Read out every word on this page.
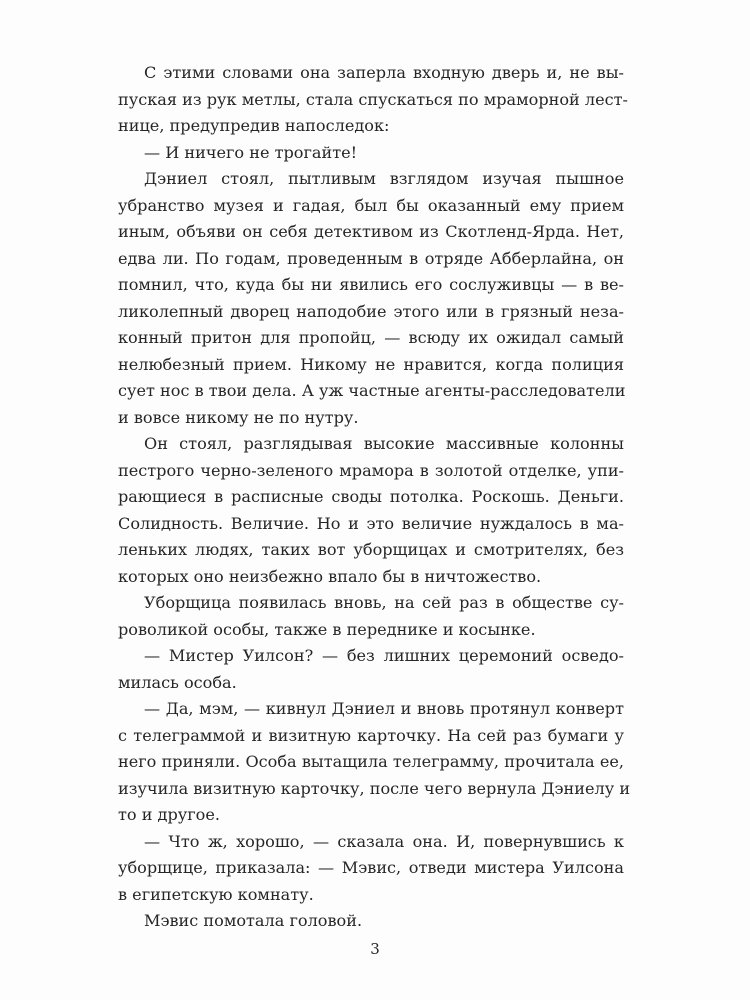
С этими словами она заперла входную дверь и, не вы-
пуская из рук метлы, стала спускаться по мраморной лест-
нице, предупредив напоследок:
— И ничего не трогайте!
Дэниел стоял, пытливым взглядом изучая пышное
убранство музея и гадая, был бы оказанный ему прием
иным, объяви он себя детективом из Скотленд-Ярда. Нет,
едва ли. По годам, проведенным в отряде Абберлайна, он
помнил, что, куда бы ни явились его сослуживцы — в ве-
ликолепный дворец наподобие этого или в грязный неза-
конный притон для пропойц, — всюду их ожидал самый
нелюбезный прием. Никому не нравится, когда полиция
сует нос в твои дела. А уж частные агенты-расследователи
и вовсе никому не по нутру.
Он стоял, разглядывая высокие массивные колонны
пестрого черно-зеленого мрамора в золотой отделке, упи-
рающиеся в расписные своды потолка. Роскошь. Деньги.
Солидность. Величие. Но и это величие нуждалось в ма-
леньких людях, таких вот уборщицах и смотрителях, без
которых оно неизбежно впало бы в ничтожество.
Уборщица появилась вновь, на сей раз в обществе су-
роволикой особы, также в переднике и косынке.
— Мистер Уилсон? — без лишних церемоний осведо-
милась особа.
— Да, мэм, — кивнул Дэниел и вновь протянул конверт
с телеграммой и визитную карточку. На сей раз бумаги у
него приняли. Особа вытащила телеграмму, прочитала ее,
изучила визитную карточку, после чего вернула Дэниелу и
то и другое.
— Что ж, хорошо, — сказала она. И, повернувшись к
уборщице, приказала: — Мэвис, отведи мистера Уилсона
в египетскую комнату.
Мэвис помотала головой.
3
